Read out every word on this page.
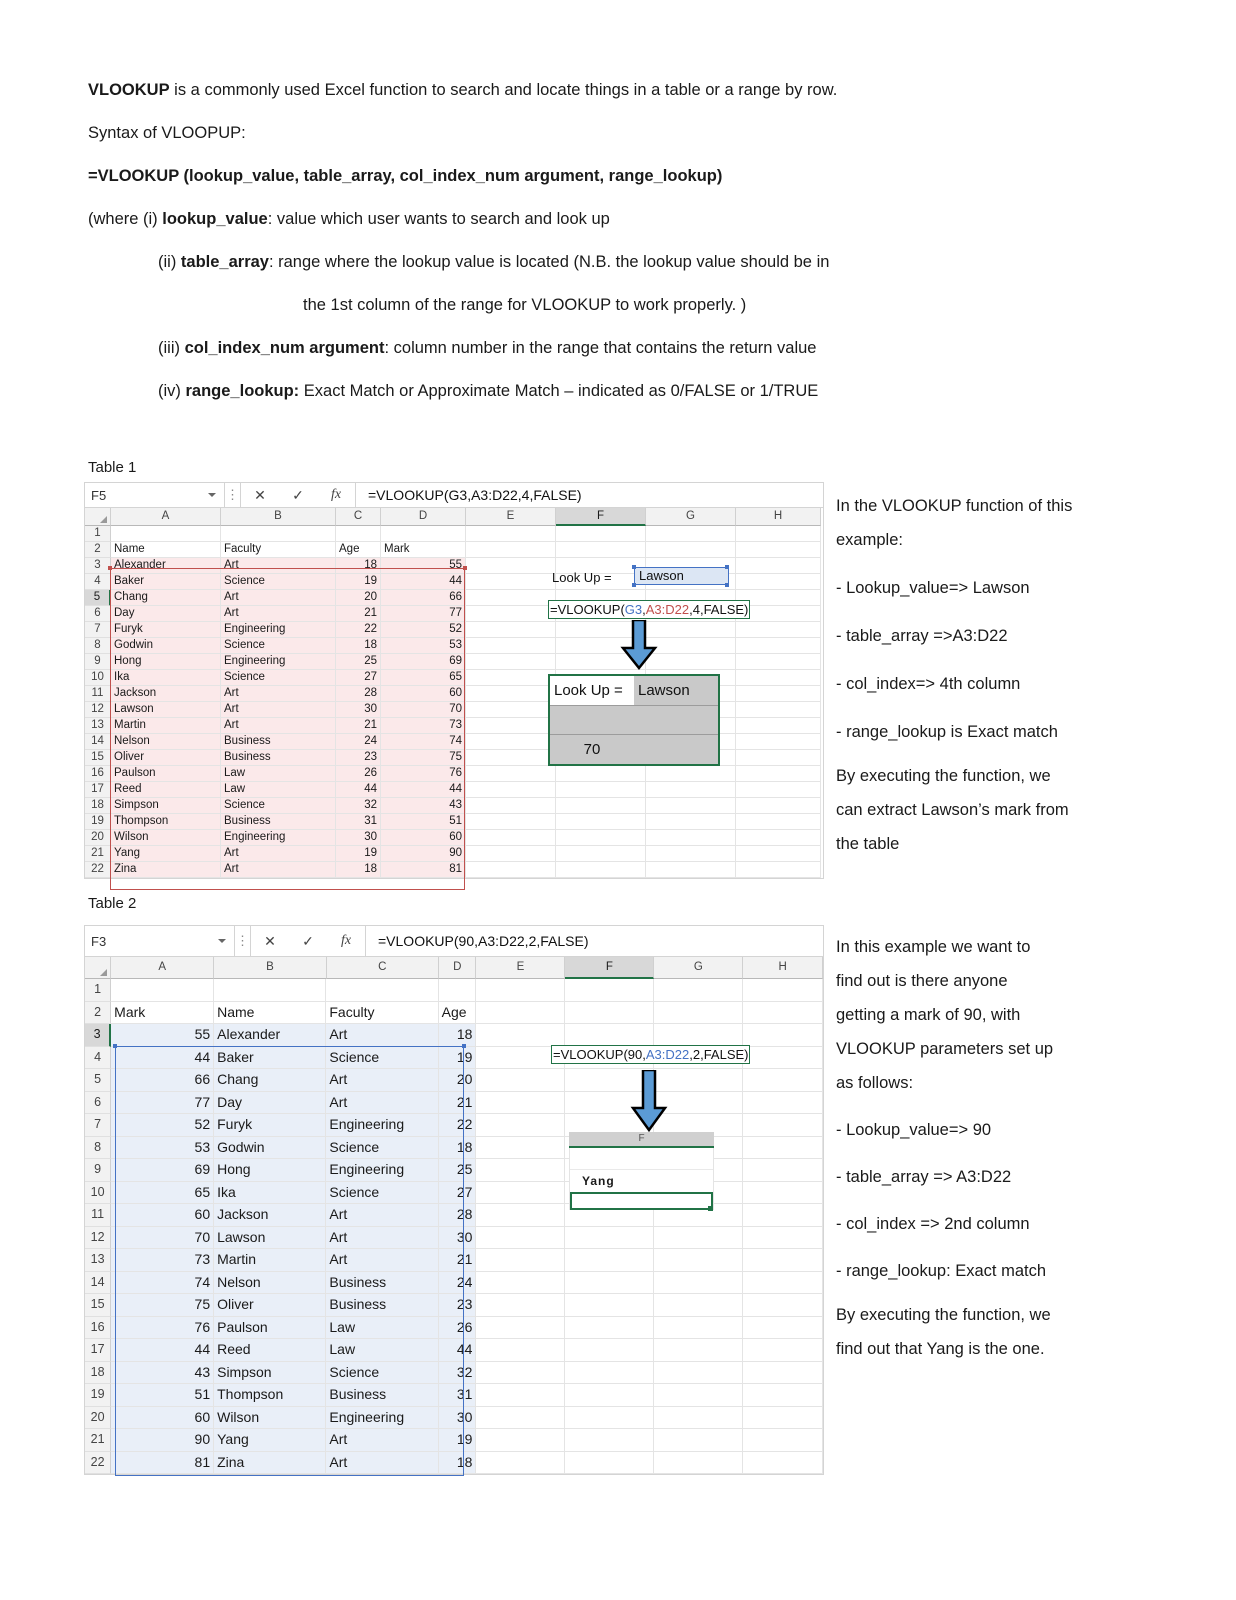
VLOOKUP is a commonly used Excel function to search and locate things in a table or a range by row.
Syntax of VLOOPUP:
=VLOOKUP (lookup_value, table_array, col_index_num argument, range_lookup)
(where (i) lookup_value: value which user wants to search and look up
(ii) table_array: range where the lookup value is located (N.B. the lookup value should be in
the 1st column of the range for VLOOKUP to work properly. )
(iii) col_index_num argument: column number in the range that contains the return value
(iv) range_lookup: Exact Match or Approximate Match – indicated as 0/FALSE or 1/TRUE
Table 1
F5	⋮	✕	✓	fx	=VLOOKUP(G3,A3:D22,4,FALSE)
A	B	C	D	E	F	G	H
1
2	Name	Faculty	Age	Mark
3	Alexander	Art	18	55
4	Baker	Science	19	44
5	Chang	Art	20	66
6	Day	Art	21	77
7	Furyk	Engineering	22	52
8	Godwin	Science	18	53
9	Hong	Engineering	25	69
10 Ika	Science	27	65
11 Jackson	Art	28	60
12 Lawson	Art	30	70
13 Martin	Art	21	73
14 Nelson	Business	24	74
15 Oliver	Business	23	75
16 Paulson	Law	26	76
17 Reed	Law	44	44
18 Simpson	Science	32	43
19 Thompson	Business	31	51
20 Wilson	Engineering	30	60
21 Yang	Art	19	90
22 Zina	Art	18	81
Look Up =	Lawson
=VLOOKUP(G3,A3:D22,4,FALSE)
Look Up =	Lawson
70
In the VLOOKUP function of this
example:
- Lookup_value=> Lawson
- table_array =>A3:D22
- col_index=> 4th column
- range_lookup is Exact match
By executing the function, we
can extract Lawson’s mark from
the table
Table 2
F3	⋮	✕	✓	fx	=VLOOKUP(90,A3:D22,2,FALSE)
A	B	C	D	E	F	G	H
1
2 Mark	Name	Faculty	Age
3	55 Alexander	Art	18
4	44 Baker	Science	19
5	66 Chang	Art	20
6	77 Day	Art	21
7	52 Furyk	Engineering	22
8	53 Godwin	Science	18
9	69 Hong	Engineering	25
10	65 Ika	Science	27
11	60 Jackson	Art	28
12	70 Lawson	Art	30
13	73 Martin	Art	21
14	74 Nelson	Business	24
15	75 Oliver	Business	23
16	76 Paulson	Law	26
17	44 Reed	Law	44
18	43 Simpson	Science	32
19	51 Thompson	Business	31
20	60 Wilson	Engineering	30
21	90 Yang	Art	19
22	81 Zina	Art	18
=VLOOKUP(90,A3:D22,2,FALSE)
F
Yang
In this example we want to
find out is there anyone
getting a mark of 90, with
VLOOKUP parameters set up
as follows:
- Lookup_value=> 90
- table_array => A3:D22
- col_index => 2nd column
- range_lookup: Exact match
By executing the function, we
find out that Yang is the one.
